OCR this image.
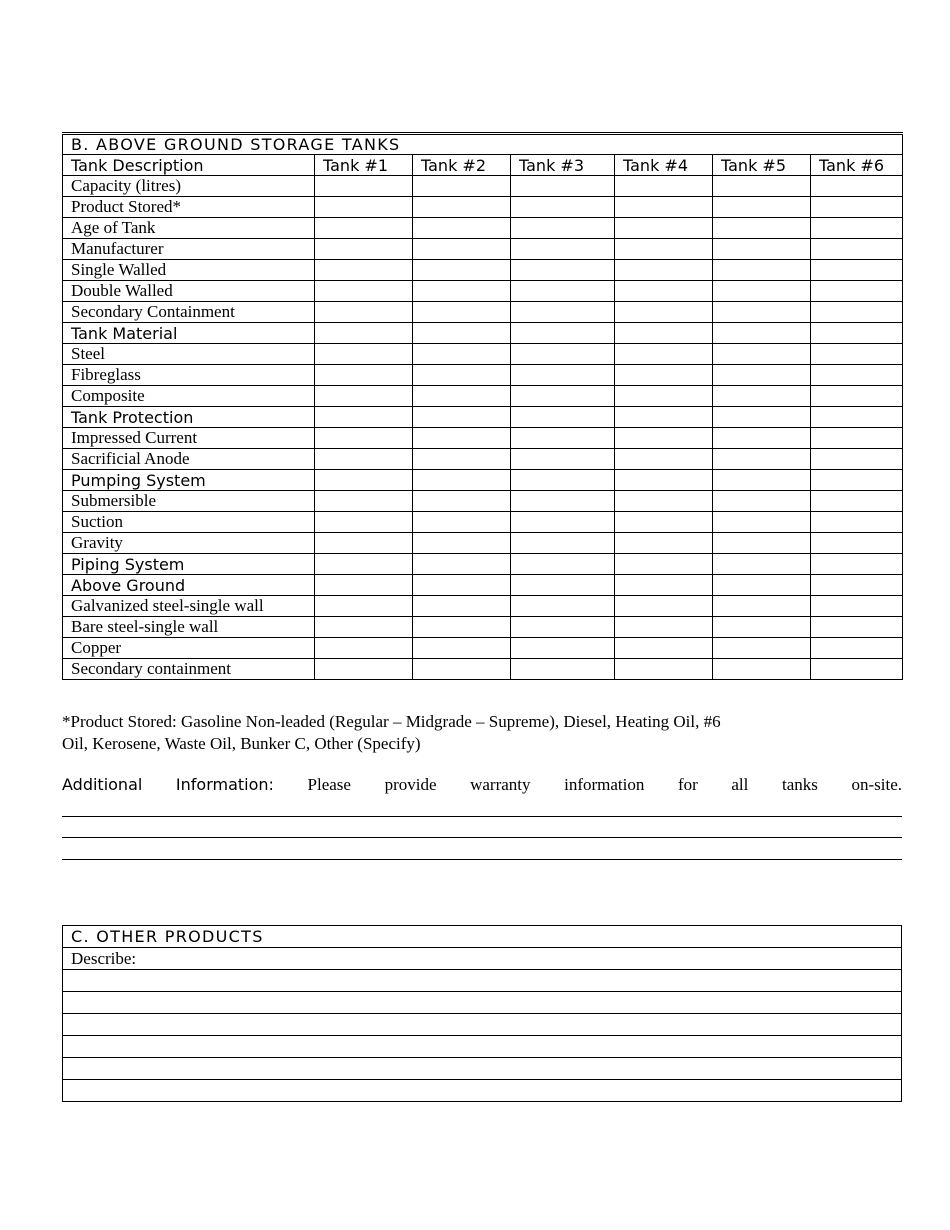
B. ABOVE GROUND STORAGE TANKS						
Tank Description	Tank #1	Tank #2	Tank #3	Tank #4	Tank #5	Tank #6
Capacity (litres)						
Product Stored*						
Age of Tank						
Manufacturer						
Single Walled						
Double Walled						
Secondary Containment						
Tank Material						
Steel						
Fibreglass						
Composite						
Tank Protection						
Impressed Current						
Sacrificial Anode						
Pumping System						
Submersible						
Suction						
Gravity						
Piping System						
Above Ground						
Galvanized steel-single wall						
Bare steel-single wall						
Copper						
Secondary containment						
*Product Stored: Gasoline Non-leaded (Regular – Midgrade – Supreme), Diesel, Heating Oil, #6
Oil, Kerosene, Waste Oil, Bunker C, Other (Specify)
Additional Information: Please provide warranty information for all tanks on-site.
C. OTHER PRODUCTS
Describe:
